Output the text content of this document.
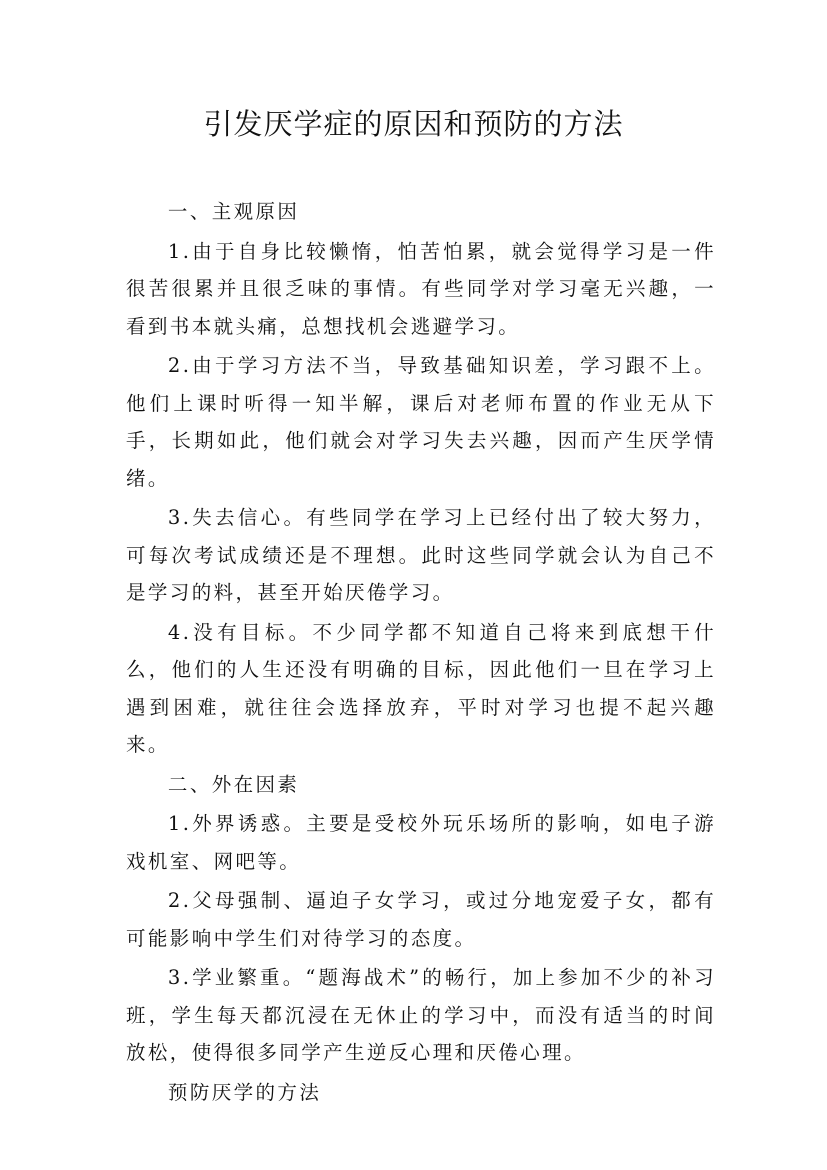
引发厌学症的原因和预防的方法

一、主观原因

1.由于自身比较懒惰，怕苦怕累，就会觉得学习是一件很苦很累并且很乏味的事情。有些同学对学习毫无兴趣，一看到书本就头痛，总想找机会逃避学习。

2.由于学习方法不当，导致基础知识差，学习跟不上。他们上课时听得一知半解，课后对老师布置的作业无从下手，长期如此，他们就会对学习失去兴趣，因而产生厌学情绪。

3.失去信心。有些同学在学习上已经付出了较大努力，可每次考试成绩还是不理想。此时这些同学就会认为自己不是学习的料，甚至开始厌倦学习。

4.没有目标。不少同学都不知道自己将来到底想干什么，他们的人生还没有明确的目标，因此他们一旦在学习上遇到困难，就往往会选择放弃，平时对学习也提不起兴趣来。

二、外在因素

1.外界诱惑。主要是受校外玩乐场所的影响，如电子游戏机室、网吧等。

2.父母强制、逼迫子女学习，或过分地宠爱子女，都有可能影响中学生们对待学习的态度。

3.学业繁重。“题海战术”的畅行，加上参加不少的补习班，学生每天都沉浸在无休止的学习中，而没有适当的时间放松，使得很多同学产生逆反心理和厌倦心理。

预防厌学的方法
